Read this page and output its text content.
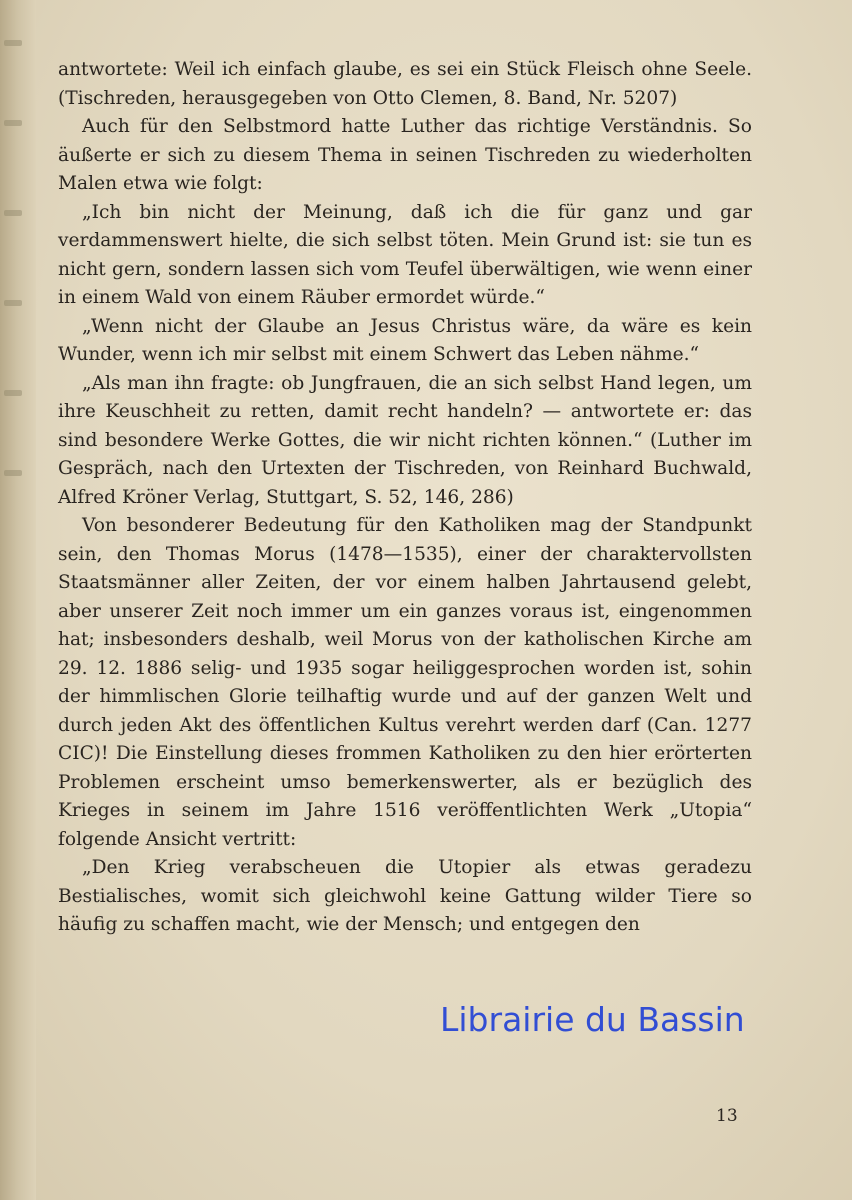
antwortete: Weil ich einfach glaube, es sei ein Stück Fleisch ohne Seele. (Tischreden, herausgegeben von Otto Clemen, 8. Band, Nr. 5207)

Auch für den Selbstmord hatte Luther das richtige Verständnis. So äußerte er sich zu diesem Thema in seinen Tischreden zu wiederholten Malen etwa wie folgt:

„Ich bin nicht der Meinung, daß ich die für ganz und gar verdammenswert hielte, die sich selbst töten. Mein Grund ist: sie tun es nicht gern, sondern lassen sich vom Teufel überwältigen, wie wenn einer in einem Wald von einem Räuber ermordet würde.“

„Wenn nicht der Glaube an Jesus Christus wäre, da wäre es kein Wunder, wenn ich mir selbst mit einem Schwert das Leben nähme.“

„Als man ihn fragte: ob Jungfrauen, die an sich selbst Hand legen, um ihre Keuschheit zu retten, damit recht handeln? — antwortete er: das sind besondere Werke Gottes, die wir nicht richten können.“ (Luther im Gespräch, nach den Urtexten der Tischreden, von Reinhard Buchwald, Alfred Kröner Verlag, Stuttgart, S. 52, 146, 286)

Von besonderer Bedeutung für den Katholiken mag der Standpunkt sein, den Thomas Morus (1478—1535), einer der charaktervollsten Staatsmänner aller Zeiten, der vor einem halben Jahrtausend gelebt, aber unserer Zeit noch immer um ein ganzes voraus ist, eingenommen hat; insbesonders deshalb, weil Morus von der katholischen Kirche am 29. 12. 1886 selig- und 1935 sogar heiliggesprochen worden ist, sohin der himmlischen Glorie teilhaftig wurde und auf der ganzen Welt und durch jeden Akt des öffentlichen Kultus verehrt werden darf (Can. 1277 CIC)! Die Einstellung dieses frommen Katholiken zu den hier erörterten Problemen erscheint umso bemerkenswerter, als er bezüglich des Krieges in seinem im Jahre 1516 veröffentlichten Werk „Utopia“ folgende Ansicht vertritt:

„Den Krieg verabscheuen die Utopier als etwas geradezu Bestialisches, womit sich gleichwohl keine Gattung wilder Tiere so häufig zu schaffen macht, wie der Mensch; und entgegen den

13
Librairie du Bassin
